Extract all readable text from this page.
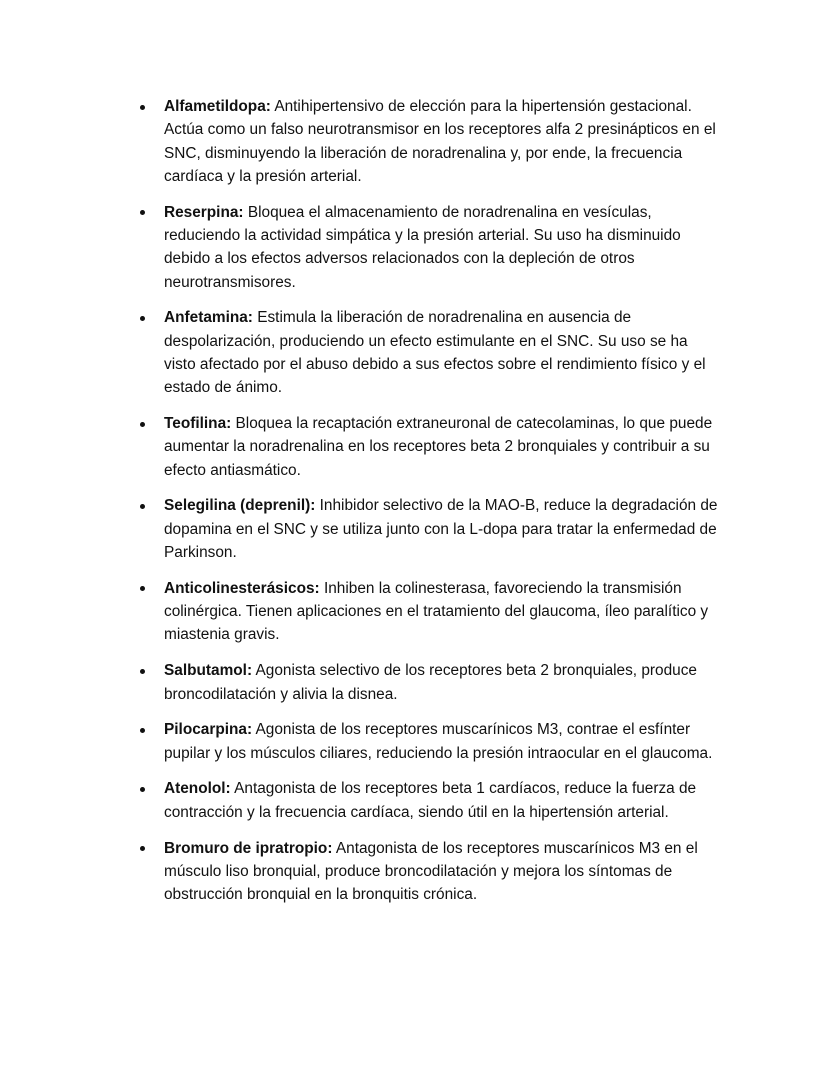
Alfametildopa: Antihipertensivo de elección para la hipertensión gestacional. Actúa como un falso neurotransmisor en los receptores alfa 2 presinápticos en el SNC, disminuyendo la liberación de noradrenalina y, por ende, la frecuencia cardíaca y la presión arterial.
Reserpina: Bloquea el almacenamiento de noradrenalina en vesículas, reduciendo la actividad simpática y la presión arterial. Su uso ha disminuido debido a los efectos adversos relacionados con la depleción de otros neurotransmisores.
Anfetamina: Estimula la liberación de noradrenalina en ausencia de despolarización, produciendo un efecto estimulante en el SNC. Su uso se ha visto afectado por el abuso debido a sus efectos sobre el rendimiento físico y el estado de ánimo.
Teofilina: Bloquea la recaptación extraneuronal de catecolaminas, lo que puede aumentar la noradrenalina en los receptores beta 2 bronquiales y contribuir a su efecto antiasmático.
Selegilina (deprenil): Inhibidor selectivo de la MAO-B, reduce la degradación de dopamina en el SNC y se utiliza junto con la L-dopa para tratar la enfermedad de Parkinson.
Anticolinesterásicos: Inhiben la colinesterasa, favoreciendo la transmisión colinérgica. Tienen aplicaciones en el tratamiento del glaucoma, íleo paralítico y miastenia gravis.
Salbutamol: Agonista selectivo de los receptores beta 2 bronquiales, produce broncodilatación y alivia la disnea.
Pilocarpina: Agonista de los receptores muscarínicos M3, contrae el esfínter pupilar y los músculos ciliares, reduciendo la presión intraocular en el glaucoma.
Atenolol: Antagonista de los receptores beta 1 cardíacos, reduce la fuerza de contracción y la frecuencia cardíaca, siendo útil en la hipertensión arterial.
Bromuro de ipratropio: Antagonista de los receptores muscarínicos M3 en el músculo liso bronquial, produce broncodilatación y mejora los síntomas de obstrucción bronquial en la bronquitis crónica.
